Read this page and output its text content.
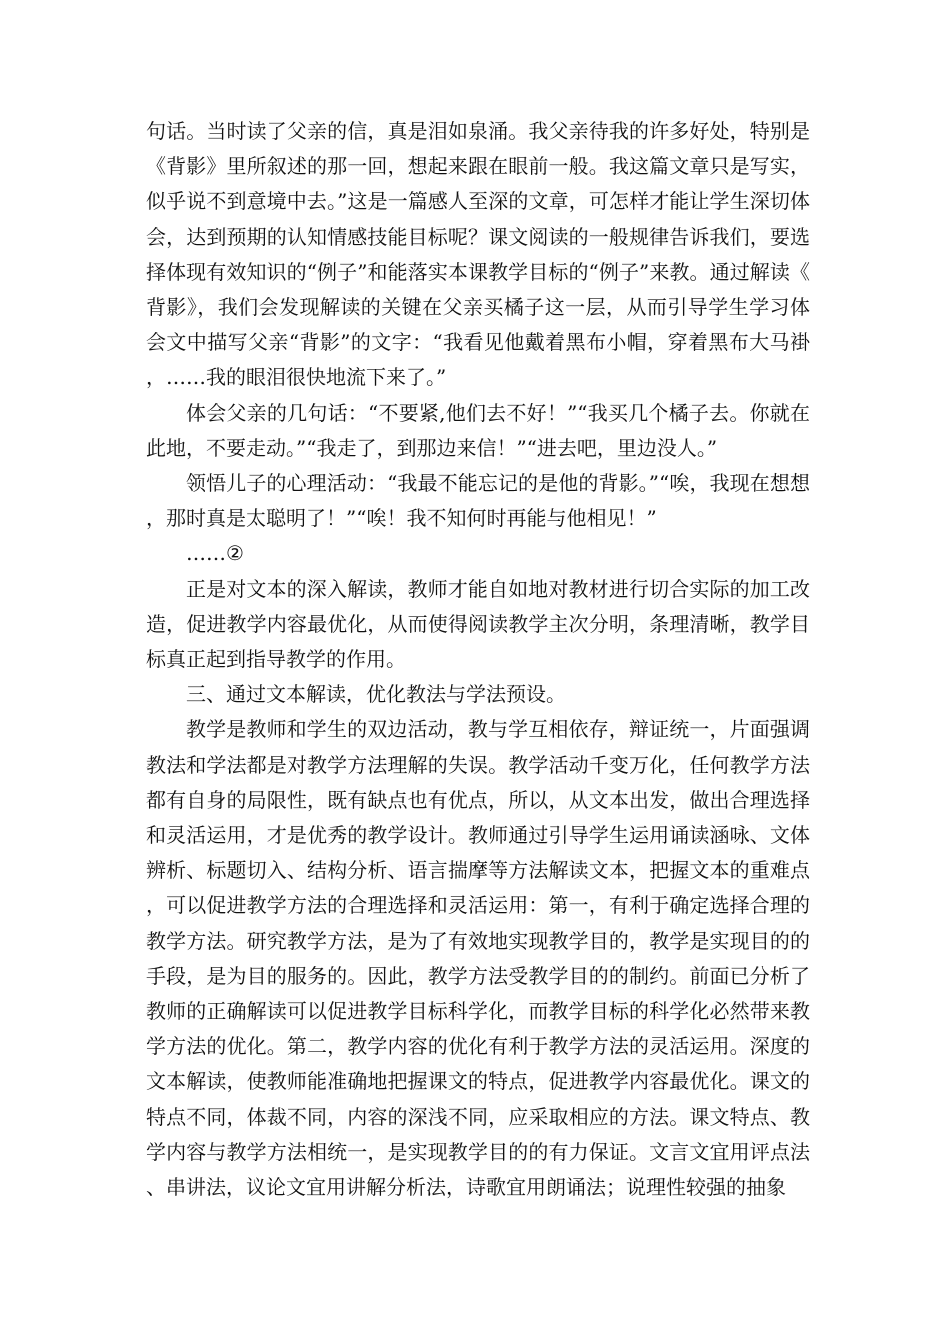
句话。当时读了父亲的信，真是泪如泉涌。我父亲待我的许多好处，特别是《背影》里所叙述的那一回，想起来跟在眼前一般。我这篇文章只是写实，似乎说不到意境中去。”这是一篇感人至深的文章，可怎样才能让学生深切体会，达到预期的认知情感技能目标呢？课文阅读的一般规律告诉我们，要选择体现有效知识的“例子”和能落实本课教学目标的“例子”来教。通过解读《背影》，我们会发现解读的关键在父亲买橘子这一层，从而引导学生学习体会文中描写父亲“背影”的文字：“我看见他戴着黑布小帽，穿着黑布大马褂，……我的眼泪很快地流下来了。”

体会父亲的几句话：“不要紧,他们去不好！”“我买几个橘子去。你就在此地，不要走动。”“我走了，到那边来信！”“进去吧，里边没人。”

领悟儿子的心理活动：“我最不能忘记的是他的背影。”“唉，我现在想想，那时真是太聪明了！”“唉！我不知何时再能与他相见！”

……②

正是对文本的深入解读，教师才能自如地对教材进行切合实际的加工改造，促进教学内容最优化，从而使得阅读教学主次分明，条理清晰，教学目标真正起到指导教学的作用。

三、通过文本解读，优化教法与学法预设。

教学是教师和学生的双边活动，教与学互相依存，辩证统一，片面强调教法和学法都是对教学方法理解的失误。教学活动千变万化，任何教学方法都有自身的局限性，既有缺点也有优点，所以，从文本出发，做出合理选择和灵活运用，才是优秀的教学设计。教师通过引导学生运用诵读涵咏、文体辨析、标题切入、结构分析、语言揣摩等方法解读文本，把握文本的重难点，可以促进教学方法的合理选择和灵活运用：第一，有利于确定选择合理的教学方法。研究教学方法，是为了有效地实现教学目的，教学是实现目的的手段，是为目的服务的。因此，教学方法受教学目的的制约。前面已分析了教师的正确解读可以促进教学目标科学化，而教学目标的科学化必然带来教学方法的优化。第二，教学内容的优化有利于教学方法的灵活运用。深度的文本解读，使教师能准确地把握课文的特点，促进教学内容最优化。课文的特点不同，体裁不同，内容的深浅不同，应采取相应的方法。课文特点、教学内容与教学方法相统一，是实现教学目的的有力保证。文言文宜用评点法、串讲法，议论文宜用讲解分析法，诗歌宜用朗诵法；说理性较强的抽象
